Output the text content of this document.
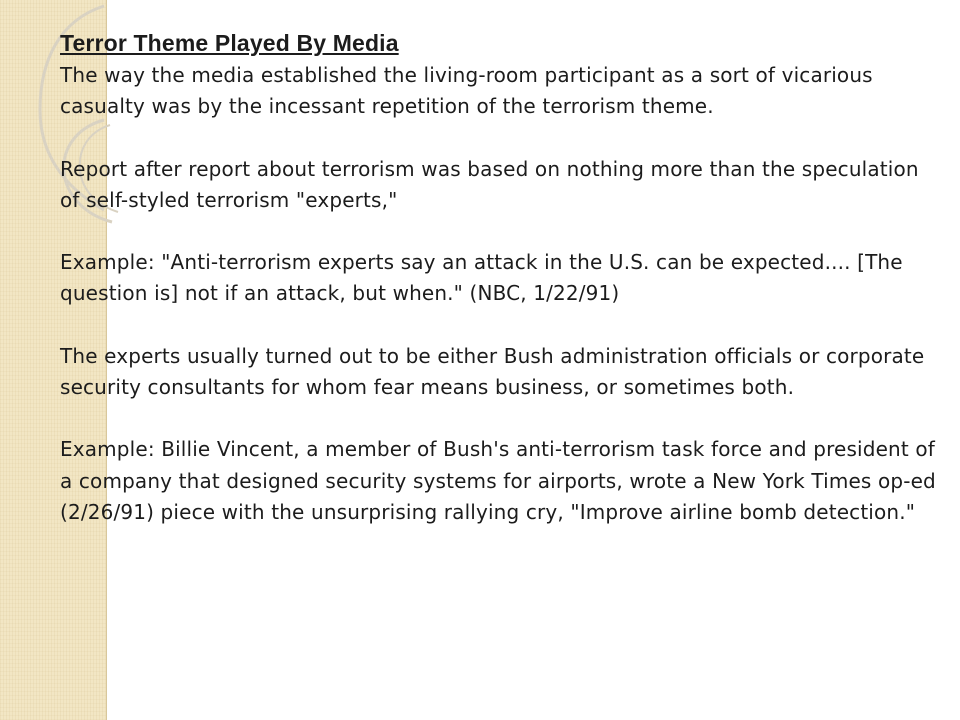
Terror Theme Played By Media

The way the media established the living-room participant as a sort of vicarious casualty was by the incessant repetition of the terrorism theme.

Report after report about terrorism was based on nothing more than the speculation of self-styled terrorism "experts,"

Example: "Anti-terrorism experts say an attack in the U.S. can be expected.... [The question is] not if an attack, but when." (NBC, 1/22/91)

The experts usually turned out to be either Bush administration officials or corporate security consultants for whom fear means business, or sometimes both.

Example: Billie Vincent, a member of Bush's anti-terrorism task force and president of a company that designed security systems for airports, wrote a New York Times op-ed (2/26/91) piece with the unsurprising rallying cry, "Improve airline bomb detection."
